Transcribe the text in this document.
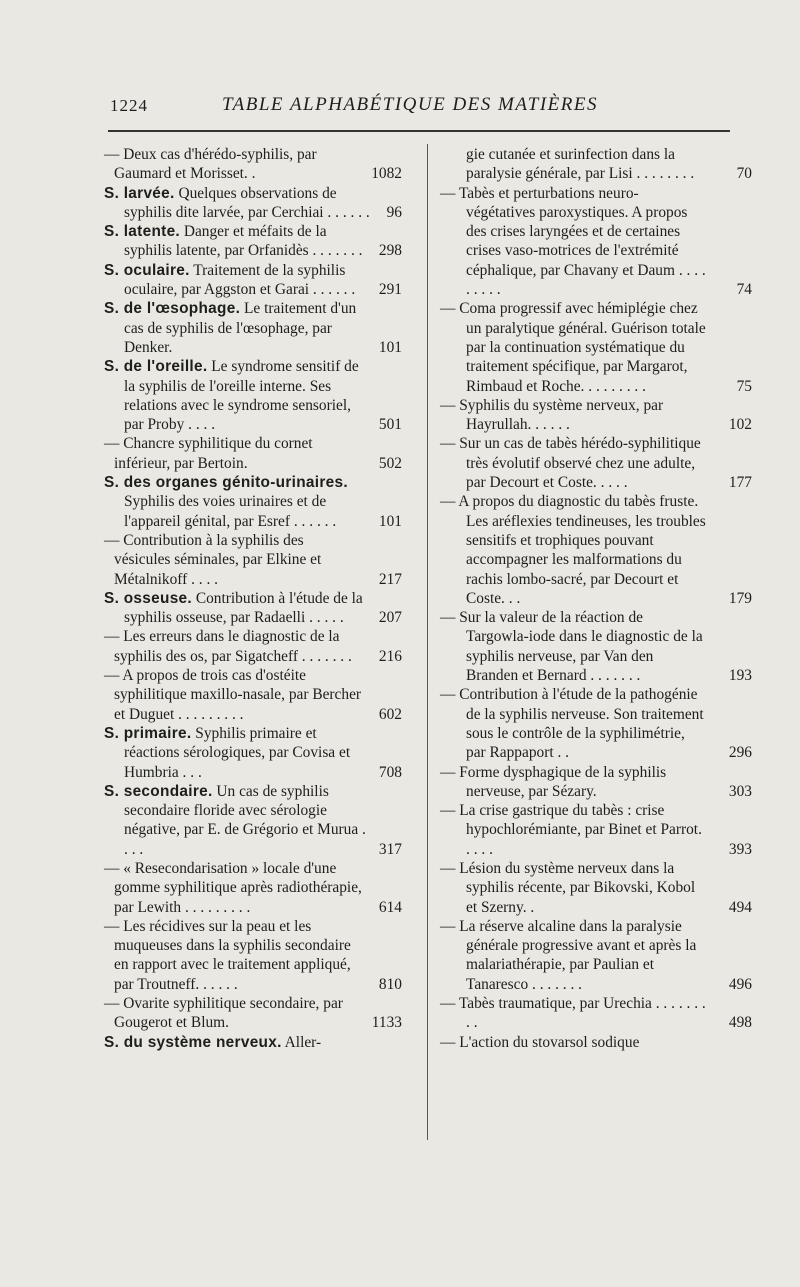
1224	TABLE ALPHABÉTIQUE DES MATIÈRES
— Deux cas d'hérédo-syphilis, par Gaumard et Morisset. .	1082
S. larvée. Quelques observations de syphilis dite larvée, par Cerchiai . . . . . . 96
S. latente. Danger et méfaits de la syphilis latente, par Orfanidès . . . . . . .	298
S. oculaire. Traitement de la syphilis oculaire, par Aggston et Garai . . . . . .	291
S. de l'œsophage. Le traitement d'un cas de syphilis de l'œsophage, par Denker.	101
S. de l'oreille. Le syndrome sensitif de la syphilis de l'oreille interne. Ses relations avec le syndrome sensoriel, par Proby . . . .	501
— Chancre syphilitique du cornet inférieur, par Bertoin.	502
S. des organes génito-urinaires. Syphilis des voies urinaires et de l'appareil génital, par Esref . . . . . .	101
— Contribution à la syphilis des vésicules séminales, par Elkine et Métalnikoff . . . .	217
S. osseuse. Contribution à l'étude de la syphilis osseuse, par Radaelli . . . . .	207
— Les erreurs dans le diagnostic de la syphilis des os, par Sigatcheff . . . . . . .	216
— A propos de trois cas d'ostéite syphilitique maxillo-nasale, par Bercher et Duguet . . . . . . . . .	602
S. primaire. Syphilis primaire et réactions sérologiques, par Covisa et Humbria . . .	708
S. secondaire. Un cas de syphilis secondaire floride avec sérologie négative, par E. de Grégorio et Murua . . . .	317
— « Resecondarisation » locale d'une gomme syphilitique après radiothérapie, par Lewith . . . . . . . . .	614
— Les récidives sur la peau et les muqueuses dans la syphilis secondaire en rapport avec le traitement appliqué, par Troutneff. . . . . .	810
— Ovarite syphilitique secondaire, par Gougerot et Blum.	1133
S. du système nerveux. Aller-
gie cutanée et surinfection dans la paralysie générale, par Lisi . . . . . . . .	70
— Tabès et perturbations neuro-végétatives paroxystiques. A propos des crises laryngées et de certaines crises vaso-motrices de l'extrémité céphalique, par Chavany et Daum . . . . . . . . .	74
— Coma progressif avec hémiplégie chez un paralytique général. Guérison totale par la continuation systématique du traitement spécifique, par Margarot, Rimbaud et Roche. . . . . . . . .	75
— Syphilis du système nerveux, par Hayrullah. . . . . .	102
— Sur un cas de tabès hérédo-syphilitique très évolutif observé chez une adulte, par Decourt et Coste. . . . .	177
— A propos du diagnostic du tabès fruste. Les aréflexies tendineuses, les troubles sensitifs et trophiques pouvant accompagner les malformations du rachis lombo-sacré, par Decourt et Coste. . .	179
— Sur la valeur de la réaction de Targowla-iode dans le diagnostic de la syphilis nerveuse, par Van den Branden et Bernard . . . . . . .	193
— Contribution à l'étude de la pathogénie de la syphilis nerveuse. Son traitement sous le contrôle de la syphilimétrie, par Rappaport . .	296
— Forme dysphagique de la syphilis nerveuse, par Sézary.	303
— La crise gastrique du tabès : crise hypochlorémiante, par Binet et Parrot. . . . .	393
— Lésion du système nerveux dans la syphilis récente, par Bikovski, Kobol et Szerny. .	494
— La réserve alcaline dans la paralysie générale progressive avant et après la malariathérapie, par Paulian et Tanaresco . . . . . . .	496
— Tabès traumatique, par Urechia . . . . . . . . .	498
— L'action du stovarsol sodique
